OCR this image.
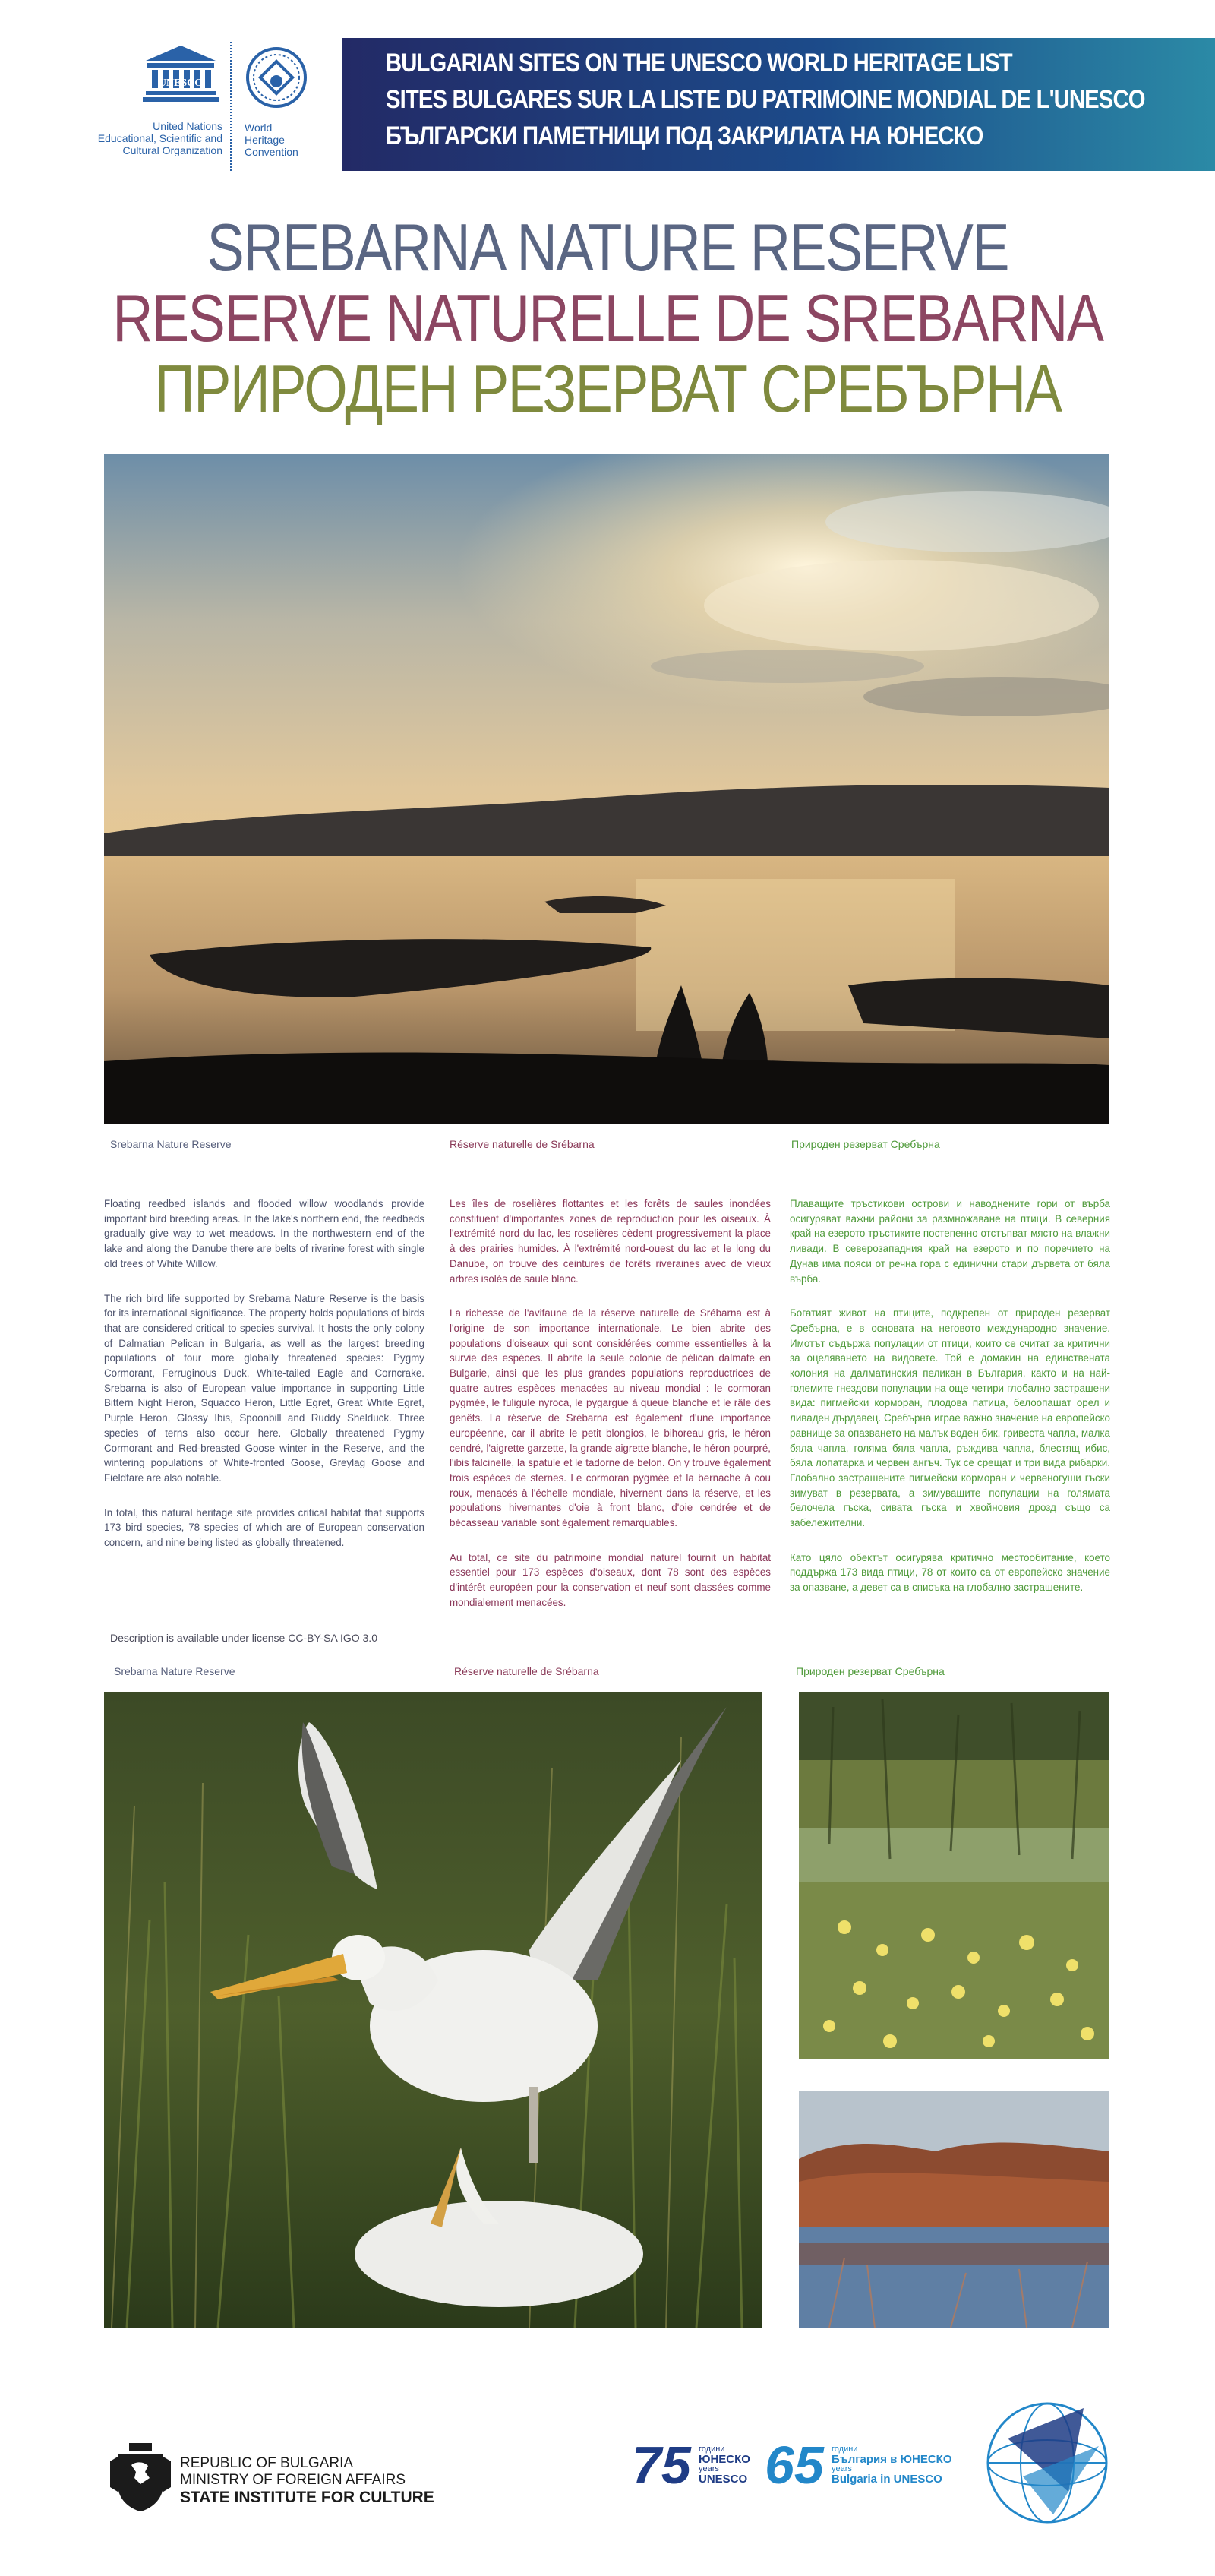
UNESCO
United Nations
Educational, Scientific and
Cultural Organization
World
Heritage
Convention
BULGARIAN SITES ON THE UNESCO WORLD HERITAGE LIST
SITES BULGARES SUR LA LISTE DU PATRIMOINE MONDIAL DE L'UNESCO
БЪЛГАРСКИ ПАМЕТНИЦИ ПОД ЗАКРИЛАТА НА ЮНЕСКО
SREBARNA NATURE RESERVE
RESERVE NATURELLE DE SREBARNA
ПРИРОДЕН РЕЗЕРВАТ СРЕБЪРНА
Srebarna Nature Reserve	Réserve naturelle de Srébarna	Природен резерват Сребърна

Floating reedbed islands and flooded willow woodlands provide important bird breeding areas. In the lake's northern end, the reedbeds gradually give way to wet meadows. In the northwestern end of the lake and along the Danube there are belts of riverine forest with single old trees of White Willow.

The rich bird life supported by Srebarna Nature Reserve is the basis for its international significance. The property holds populations of birds that are considered critical to species survival. It hosts the only colony of Dalmatian Pelican in Bulgaria, as well as the largest breeding populations of four more globally threatened species: Pygmy Cormorant, Ferruginous Duck, White-tailed Eagle and Corncrake. Srebarna is also of European value importance in supporting Little Bittern Night Heron, Squacco Heron, Little Egret, Great White Egret, Purple Heron, Glossy Ibis, Spoonbill and Ruddy Shelduck. Three species of terns also occur here. Globally threatened Pygmy Cormorant and Red-breasted Goose winter in the Reserve, and the wintering populations of White-fronted Goose, Greylag Goose and Fieldfare are also notable.

In total, this natural heritage site provides critical habitat that supports 173 bird species, 78 species of which are of European conservation concern, and nine being listed as globally threatened.

Les îles de roselières flottantes et les forêts de saules inondées constituent d'importantes zones de reproduction pour les oiseaux. À l'extrémité nord du lac, les roselières cèdent progressivement la place à des prairies humides. À l'extrémité nord-ouest du lac et le long du Danube, on trouve des ceintures de forêts riveraines avec de vieux arbres isolés de saule blanc.

La richesse de l'avifaune de la réserve naturelle de Srébarna est à l'origine de son importance internationale. Le bien abrite des populations d'oiseaux qui sont considérées comme essentielles à la survie des espèces. Il abrite la seule colonie de pélican dalmate en Bulgarie, ainsi que les plus grandes populations reproductrices de quatre autres espèces menacées au niveau mondial : le cormoran pygmée, le fuligule nyroca, le pygargue à queue blanche et le râle des genêts. La réserve de Srébarna est également d'une importance européenne, car il abrite le petit blongios, le bihoreau gris, le héron cendré, l'aigrette garzette, la grande aigrette blanche, le héron pourpré, l'ibis falcinelle, la spatule et le tadorne de belon. On y trouve également trois espèces de sternes. Le cormoran pygmée et la bernache à cou roux, menacés à l'échelle mondiale, hivernent dans la réserve, et les populations hivernantes d'oie à front blanc, d'oie cendrée et de bécasseau variable sont également remarquables.

Au total, ce site du patrimoine mondial naturel fournit un habitat essentiel pour 173 espèces d'oiseaux, dont 78 sont des espèces d'intérêt européen pour la conservation et neuf sont classées comme mondialement menacées.

Плаващите тръстикови острови и наводнените гори от върба осигуряват важни райони за размножаване на птици. В северния край на езерото тръстиките постепенно отстъпват място на влажни ливади. В северозападния край на езерото и по поречието на Дунав има пояси от речна гора с единични стари дървета от бяла върба.

Богатият живот на птиците, подкрепен от природен резерват Сребърна, е в основата на неговото международно значение. Имотът съдържа популации от птици, които се считат за критични за оцеляването на видовете. Той е домакин на единствената колония на далматинския пеликан в България, както и на най-големите гнездови популации на още четири глобално застрашени вида: пигмейски корморан, плодова патица, белоопашат орел и ливаден дърдавец. Сребърна играе важно значение на европейско равнище за опазването на малък воден бик, гривеста чапла, малка бяла чапла, голяма бяла чапла, ръждива чапла, блестящ ибис, бяла лопатарка и червен ангъч. Тук се срещат и три вида рибарки. Глобално застрашените пигмейски корморан и червеногуши гъски зимуват в резервата, а зимуващите популации на голямата белочела гъска, сивата гъска и хвойновия дрозд също са забележителни.

Като цяло обектът осигурява критично местообитание, което поддържа 173 вида птици, 78 от които са от европейско значение за опазване, а девет са в списъка на глобално застрашените.

Description is available under license CC-BY-SA IGO 3.0
Srebarna Nature Reserve	Réserve naturelle de Srébarna	Природен резерват Сребърна
REPUBLIC OF BULGARIA
MINISTRY OF FOREIGN AFFAIRS
STATE INSTITUTE FOR CULTURE
75 години
ЮНЕСКО
years
UNESCO 65 години
България в ЮНЕСКО
years
Bulgaria in UNESCO
